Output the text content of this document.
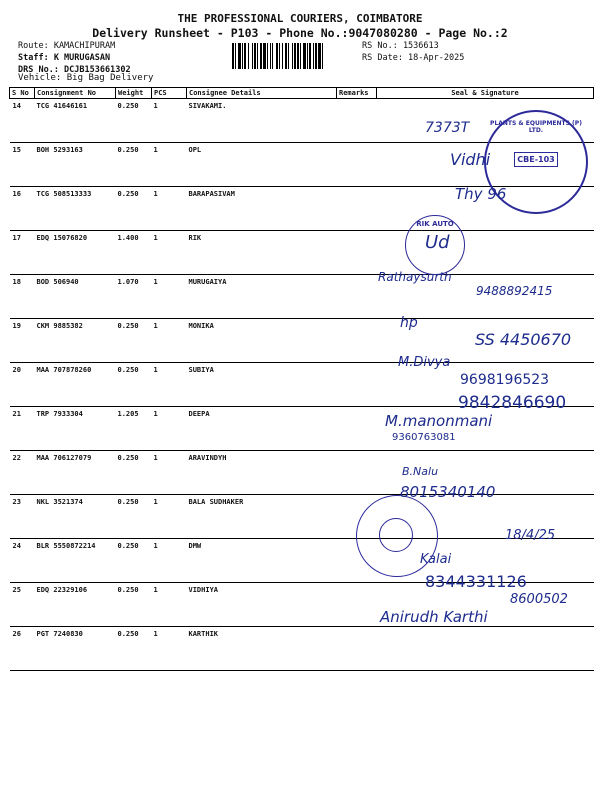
THE PROFESSIONAL COURIERS, COIMBATORE
Delivery Runsheet - P103 - Phone No.:9047080280 - Page No.:2
Route: KAMACHIPURAM
Staff: K MURUGASAN
DRS No.: DCJB153661302
Vehicle: Big Bag Delivery
RS No.: 1536613
RS Date: 18-Apr-2025
S No	Consignment No	Weight	PCS	Consignee Details	Remarks	Seal & Signature
14	TCG 41646161	0.250	1	SIVAKAMI.		
15	BOH 5293163	0.250	1	OPL		
16	TCG 508513333	0.250	1	BARAPASIVAM		
17	EDQ 15076820	1.400	1	RIK		
18	BOD 506940	1.070	1	MURUGAIYA		
19	CKM 9885382	0.250	1	MONIKA		
20	MAA 707878260	0.250	1	SUBIYA		
21	TRP 7933304	1.205	1	DEEPA		
22	MAA 706127079	0.250	1	ARAVINDYH		
23	NKL 3521374	0.250	1	BALA SUDHAKER		
24	BLR 5550872214	0.250	1	DMW		
25	EDQ 22329106	0.250	1	VIDHIYA		
26	PGT 7240830	0.250	1	KARTHIK		
PLANTS & EQUIPMENTS (P) LTD.
CBE-103
RIK AUTO
7373T
Vidhi
Thy 96
Ud
Rathaysurth
9488892415
hp
SS 4450670
M.Divya
9698196523
9842846690
M.manonmani
9360763081
B.Nalu
8015340140
18/4/25
Kalai
8344331126
Anirudh Karthi
8600502
